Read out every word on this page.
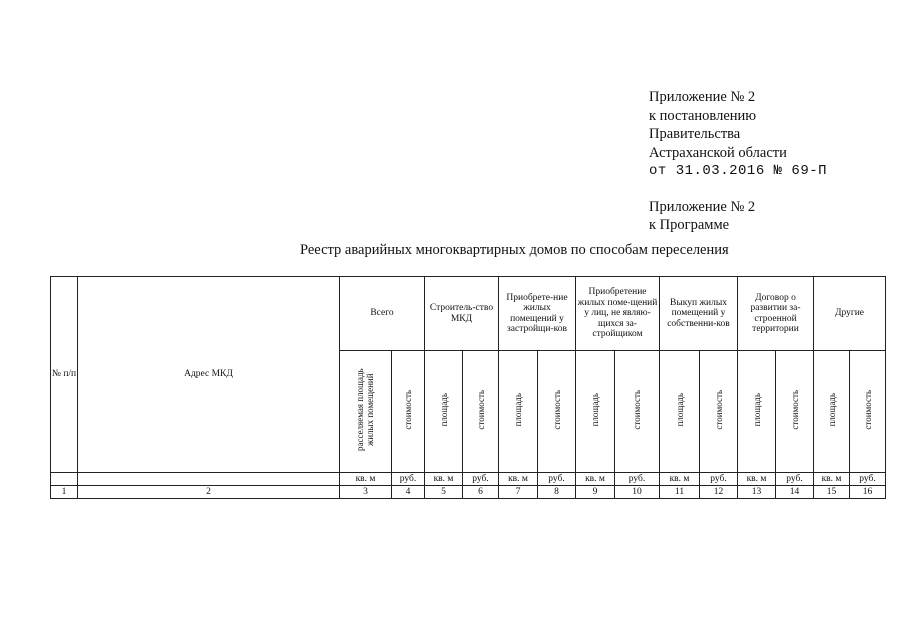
Приложение № 2
к постановлению
Правительства
Астраханской области
от 31.03.2016 № 69-П
Приложение № 2
к Программе
Реестр аварийных многоквартирных домов по способам переселения
№ п/п	Адрес МКД	Всего		Строитель-ство МКД		Приобрете-ние жилых помещений у застройщи-ков		Приобретение жилых поме-щений у лиц, не являю-щихся за-стройщиком		Выкуп жилых помещений у собственни-ков		Договор о развитии за-строенной территории		Другие	
		расселяемая площадь жилых помещений	стоимость	площадь	стоимость	площадь	стоимость	площадь	стоимость	площадь	стоимость	площадь	стоимость	площадь	стоимость
		кв. м	руб.	кв. м	руб.	кв. м	руб.	кв. м	руб.	кв. м	руб.	кв. м	руб.	кв. м	руб.
1	2	3	4	5	6	7	8	9	10	11	12	13	14	15	16
